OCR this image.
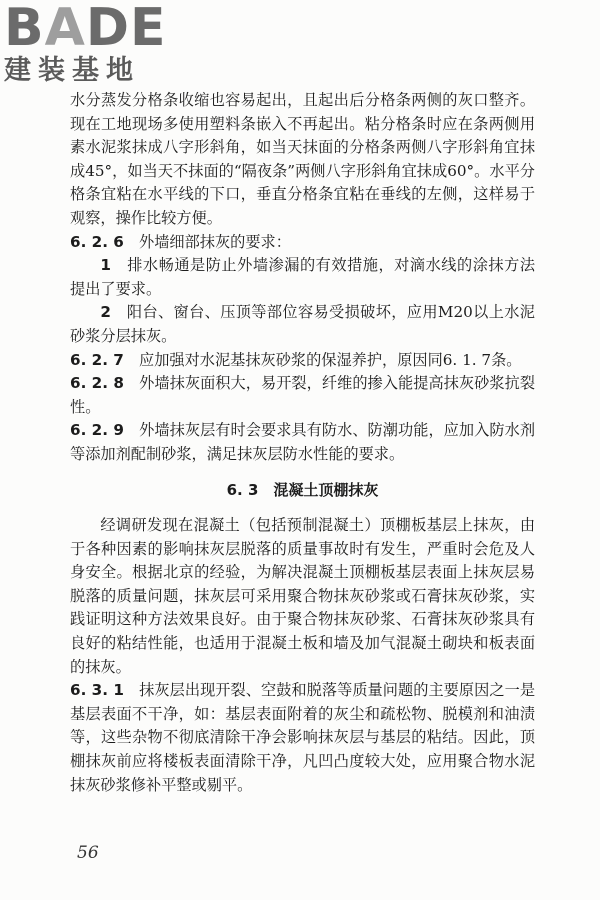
BADE
建装基地

水分蒸发分格条收缩也容易起出，且起出后分格条两侧的灰口整齐。现在工地现场多使用塑料条嵌入不再起出。粘分格条时应在条两侧用素水泥浆抹成八字形斜角，如当天抹面的分格条两侧八字形斜角宜抹成45°，如当天不抹面的“隔夜条”两侧八字形斜角宜抹成60°。水平分格条宜粘在水平线的下口，垂直分格条宜粘在垂线的左侧，这样易于观察，操作比较方便。

6. 2. 6　 外墙细部抹灰的要求：

1　 排水畅通是防止外墙渗漏的有效措施，对滴水线的涂抹方法提出了要求。

2　 阳台、窗台、压顶等部位容易受损破坏，应用M20以上水泥砂浆分层抹灰。

6. 2. 7　 应加强对水泥基抹灰砂浆的保湿养护，原因同6. 1. 7条。

6. 2. 8　 外墙抹灰面积大，易开裂，纤维的掺入能提高抹灰砂浆抗裂性。

6. 2. 9　 外墙抹灰层有时会要求具有防水、防潮功能，应加入防水剂等添加剂配制砂浆，满足抹灰层防水性能的要求。

6. 3　混凝土顶棚抹灰

经调研发现在混凝土（包括预制混凝土）顶棚板基层上抹灰，由于各种因素的影响抹灰层脱落的质量事故时有发生，严重时会危及人身安全。根据北京的经验，为解决混凝土顶棚板基层表面上抹灰层易脱落的质量问题，抹灰层可采用聚合物抹灰砂浆或石膏抹灰砂浆，实践证明这种方法效果良好。由于聚合物抹灰砂浆、石膏抹灰砂浆具有良好的粘结性能，也适用于混凝土板和墙及加气混凝土砌块和板表面的抹灰。

6. 3. 1　 抹灰层出现开裂、空鼓和脱落等质量问题的主要原因之一是基层表面不干净，如：基层表面附着的灰尘和疏松物、脱模剂和油渍等，这些杂物不彻底清除干净会影响抹灰层与基层的粘结。因此，顶棚抹灰前应将楼板表面清除干净，凡凹凸度较大处，应用聚合物水泥抹灰砂浆修补平整或剔平。

56
